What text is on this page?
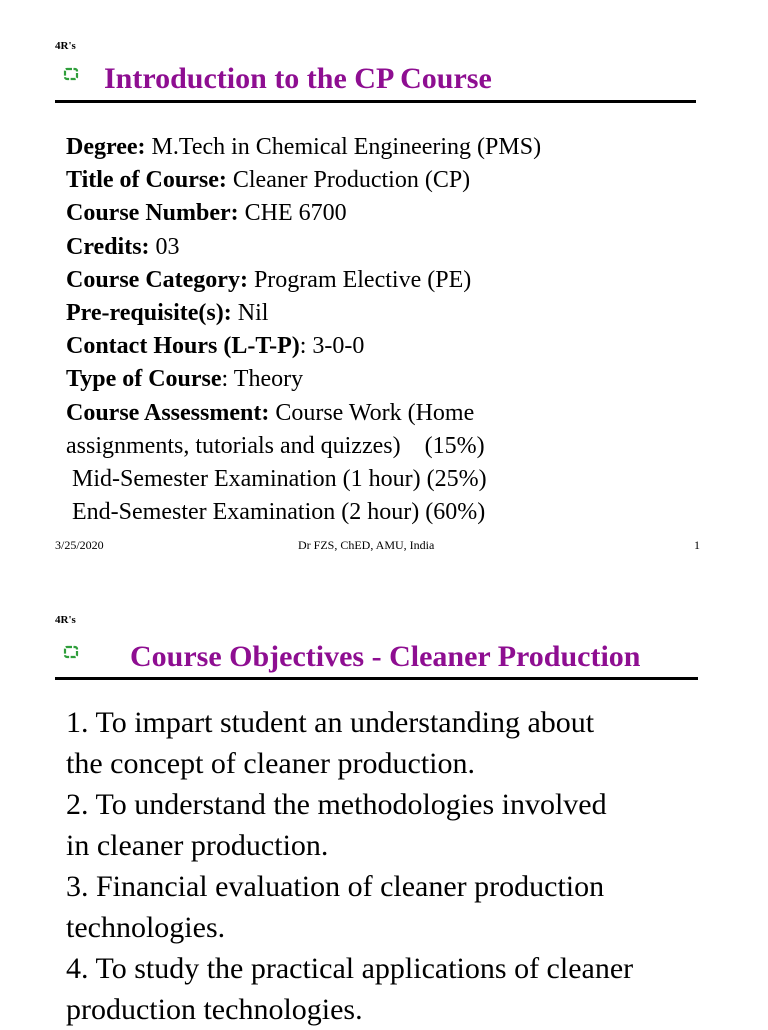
4R's
Introduction to the CP Course
Degree: M.Tech in Chemical Engineering (PMS)
Title of Course: Cleaner Production (CP)
Course Number: CHE 6700
Credits: 03
Course Category: Program Elective (PE)
Pre-requisite(s): Nil
Contact Hours (L-T-P): 3-0-0
Type of Course: Theory
Course Assessment: Course Work (Home
assignments, tutorials and quizzes)    (15%)
Mid-Semester Examination (1 hour) (25%)
End-Semester Examination (2 hour) (60%)
3/25/2020	Dr FZS, ChED, AMU, India	1
4R's
Course Objectives - Cleaner Production
1. To impart student an understanding about
the concept of cleaner production.
2. To understand the methodologies involved
in cleaner production.
3. Financial evaluation of cleaner production
technologies.
4. To study the practical applications of cleaner
production technologies.
